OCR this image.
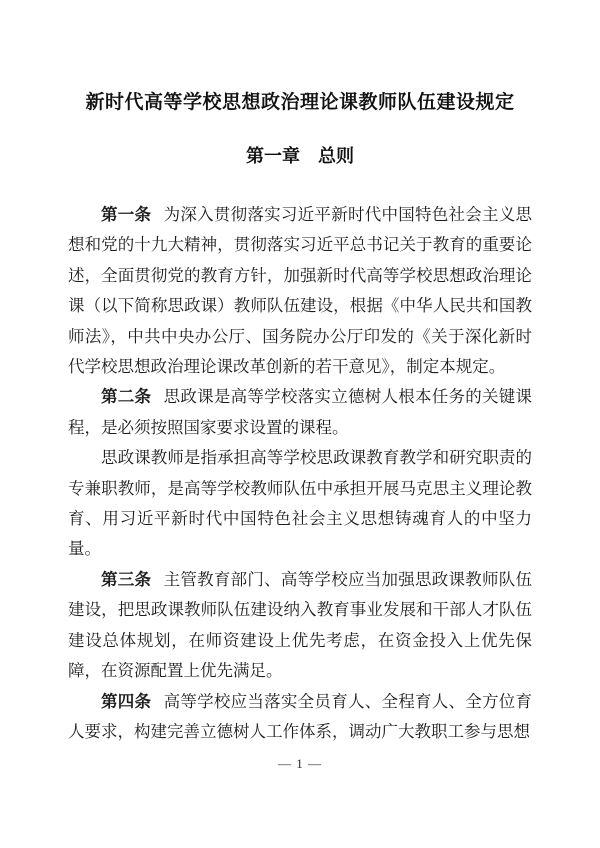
新时代高等学校思想政治理论课教师队伍建设规定
第一章　总则

第一条 为深入贯彻落实习近平新时代中国特色社会主义思想和党的十九大精神，贯彻落实习近平总书记关于教育的重要论述，全面贯彻党的教育方针，加强新时代高等学校思想政治理论课（以下简称思政课）教师队伍建设，根据《中华人民共和国教师法》，中共中央办公厅、国务院办公厅印发的《关于深化新时代学校思想政治理论课改革创新的若干意见》，制定本规定。

第二条 思政课是高等学校落实立德树人根本任务的关键课程，是必须按照国家要求设置的课程。

思政课教师是指承担高等学校思政课教育教学和研究职责的专兼职教师，是高等学校教师队伍中承担开展马克思主义理论教育、用习近平新时代中国特色社会主义思想铸魂育人的中坚力量。

第三条 主管教育部门、高等学校应当加强思政课教师队伍建设，把思政课教师队伍建设纳入教育事业发展和干部人才队伍建设总体规划，在师资建设上优先考虑，在资金投入上优先保障，在资源配置上优先满足。

第四条 高等学校应当落实全员育人、全程育人、全方位育人要求，构建完善立德树人工作体系，调动广大教职工参与思想

— 1 —
